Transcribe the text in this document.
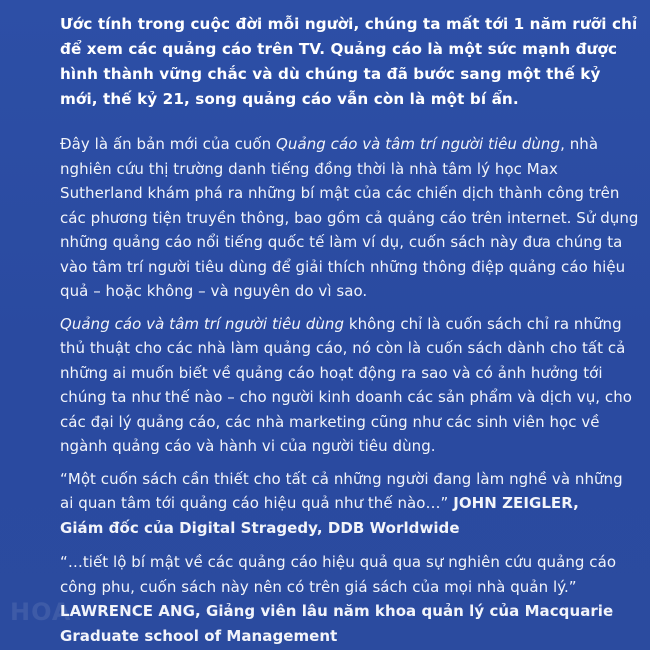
HOA

Ước tính trong cuộc đời mỗi người, chúng ta mất tới 1 năm rưỡi chỉ để xem các quảng cáo trên TV. Quảng cáo là một sức mạnh được hình thành vững chắc và dù chúng ta đã bước sang một thế kỷ mới, thế kỷ 21, song quảng cáo vẫn còn là một bí ẩn.

Đây là ấn bản mới của cuốn Quảng cáo và tâm trí người tiêu dùng, nhà nghiên cứu thị trường danh tiếng đồng thời là nhà tâm lý học Max Sutherland khám phá ra những bí mật của các chiến dịch thành công trên các phương tiện truyền thông, bao gồm cả quảng cáo trên internet. Sử dụng những quảng cáo nổi tiếng quốc tế làm ví dụ, cuốn sách này đưa chúng ta vào tâm trí người tiêu dùng để giải thích những thông điệp quảng cáo hiệu quả – hoặc không – và nguyên do vì sao.

Quảng cáo và tâm trí người tiêu dùng không chỉ là cuốn sách chỉ ra những thủ thuật cho các nhà làm quảng cáo, nó còn là cuốn sách dành cho tất cả những ai muốn biết về quảng cáo hoạt động ra sao và có ảnh hưởng tới chúng ta như thế nào – cho người kinh doanh các sản phẩm và dịch vụ, cho các đại lý quảng cáo, các nhà marketing cũng như các sinh viên học về ngành quảng cáo và hành vi của người tiêu dùng.

“Một cuốn sách cần thiết cho tất cả những người đang làm nghề và những ai quan tâm tới quảng cáo hiệu quả như thế nào…” JOHN ZEIGLER,
Giám đốc của Digital Stragedy, DDB Worldwide

“…tiết lộ bí mật về các quảng cáo hiệu quả qua sự nghiên cứu quảng cáo công phu, cuốn sách này nên có trên giá sách của mọi nhà quản lý.”
LAWRENCE ANG, Giảng viên lâu năm khoa quản lý của Macquarie Graduate school of Management
